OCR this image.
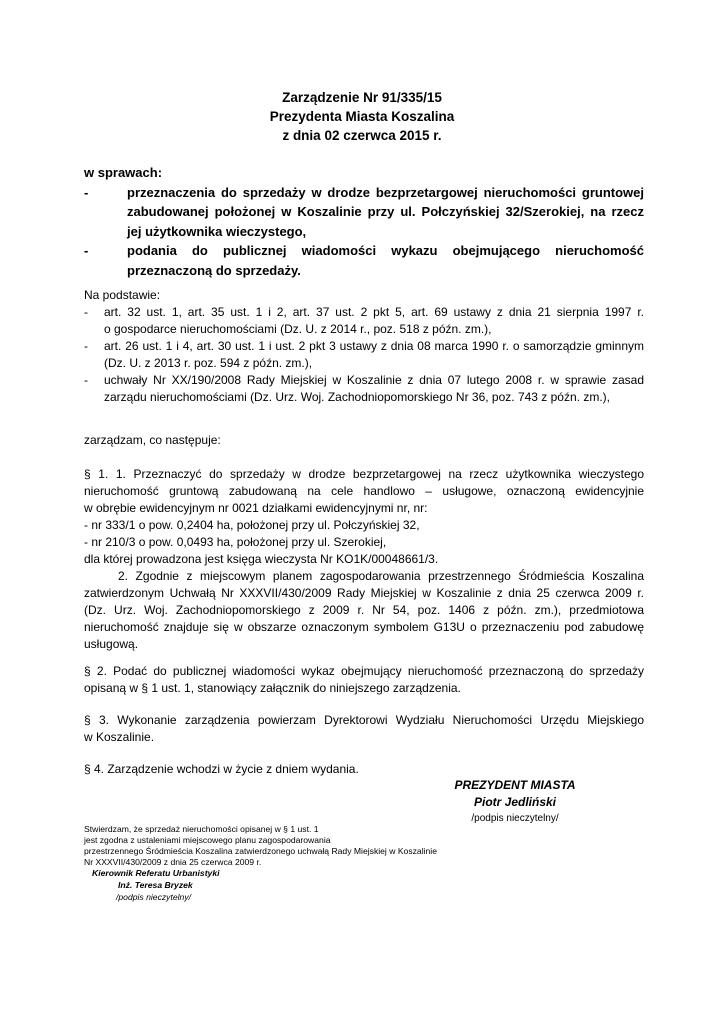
Zarządzenie Nr 91/335/15
Prezydenta Miasta Koszalina
z dnia 02 czerwca 2015 r.
w sprawach:
-	przeznaczenia do sprzedaży w drodze bezprzetargowej nieruchomości gruntowej
zabudowanej położonej w Koszalinie przy ul. Połczyńskiej 32/Szerokiej, na rzecz
jej użytkownika wieczystego,
-	podania do publicznej wiadomości wykazu obejmującego nieruchomość
przeznaczoną do sprzedaży.
Na podstawie:
-	art. 32 ust. 1, art. 35 ust. 1 i 2, art. 37 ust. 2 pkt 5, art. 69 ustawy z dnia 21 sierpnia 1997 r.
o gospodarce nieruchomościami (Dz. U. z 2014 r., poz. 518 z późn. zm.),
-	art. 26 ust. 1 i 4, art. 30 ust. 1 i ust. 2 pkt 3 ustawy z dnia 08 marca 1990 r. o samorządzie gminnym
(Dz. U. z 2013 r. poz. 594 z późn. zm.),
-	uchwały Nr XX/190/2008 Rady Miejskiej w Koszalinie z dnia 07 lutego 2008 r. w sprawie zasad
zarządu nieruchomościami (Dz. Urz. Woj. Zachodniopomorskiego Nr 36, poz. 743 z późn. zm.),
zarządzam, co następuje:
§ 1. 1. Przeznaczyć do sprzedaży w drodze bezprzetargowej na rzecz użytkownika wieczystego
nieruchomość gruntową zabudowaną na cele handlowo – usługowe, oznaczoną ewidencyjnie
w obrębie ewidencyjnym nr 0021 działkami ewidencyjnymi nr, nr:
- nr 333/1 o pow. 0,2404 ha, położonej przy ul. Połczyńskiej 32,
- nr 210/3 o pow. 0,0493 ha, położonej przy ul. Szerokiej,
dla której prowadzona jest księga wieczysta Nr KO1K/00048661/3.
2. Zgodnie z miejscowym planem zagospodarowania przestrzennego Śródmieścia Koszalina
zatwierdzonym Uchwałą Nr XXXVII/430/2009 Rady Miejskiej w Koszalinie z dnia 25 czerwca 2009 r.
(Dz. Urz. Woj. Zachodniopomorskiego z 2009 r. Nr 54, poz. 1406 z późn. zm.), przedmiotowa
nieruchomość znajduje się w obszarze oznaczonym symbolem G13U o przeznaczeniu pod zabudowę
usługową.
§ 2. Podać do publicznej wiadomości wykaz obejmujący nieruchomość przeznaczoną do sprzedaży
opisaną w § 1 ust. 1, stanowiący załącznik do niniejszego zarządzenia.
§ 3. Wykonanie zarządzenia powierzam Dyrektorowi Wydziału Nieruchomości Urzędu Miejskiego
w Koszalinie.
§ 4. Zarządzenie wchodzi w życie z dniem wydania.
PREZYDENT MIASTA
Piotr Jedliński
/podpis nieczytelny/
Stwierdzam, że sprzedaż nieruchomości opisanej w § 1 ust. 1
jest zgodna z ustaleniami miejscowego planu zagospodarowania
przestrzennego Śródmieścia Koszalina zatwierdzonego uchwałą Rady Miejskiej w Koszalinie
Nr XXXVII/430/2009 z dnia 25 czerwca 2009 r.
Kierownik Referatu Urbanistyki
Inż. Teresa Bryzek
/podpis nieczytelny/
